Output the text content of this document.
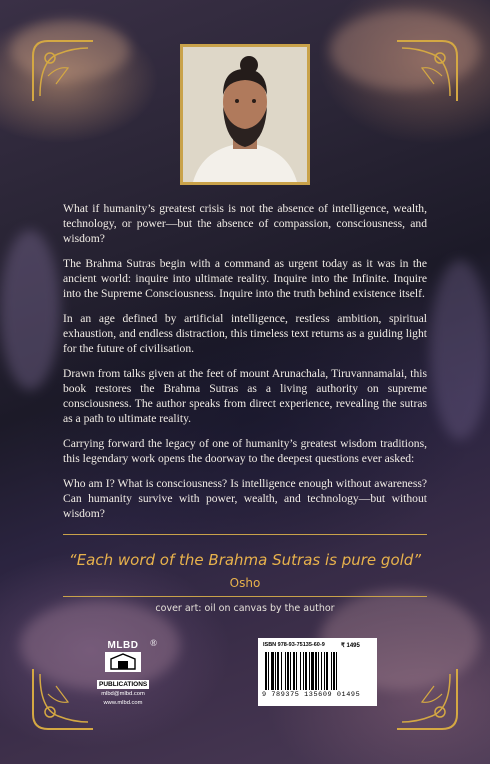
What if humanity’s greatest crisis is not the absence of intelligence, wealth, technology, or power—but the absence of compassion, consciousness, and wisdom?

The Brahma Sutras begin with a command as urgent today as it was in the ancient world: inquire into ultimate reality. Inquire into the Infinite. Inquire into the Supreme Consciousness. Inquire into the truth behind existence itself.

In an age defined by artificial intelligence, restless ambition, spiritual exhaustion, and endless distraction, this timeless text returns as a guiding light for the future of civilisation.

Drawn from talks given at the feet of mount Arunachala, Tiruvannamalai, this book restores the Brahma Sutras as a living authority on supreme consciousness. The author speaks from direct experience, revealing the sutras as a path to ultimate reality.

Carrying forward the legacy of one of humanity’s greatest wisdom traditions, this legendary work opens the doorway to the deepest questions ever asked:

Who am I? What is consciousness? Is intelligence enough without awareness? Can humanity survive with power, wealth, and technology—but without wisdom?

“Each word of the Brahma Sutras is pure gold”
Osho
cover art: oil on canvas by the author
MLBD	®
PUBLICATIONS
mlbd@mlbd.com
www.mlbd.com
ISBN 978-93-75135-60-9	₹ 1495
9 789375 135609 01495
